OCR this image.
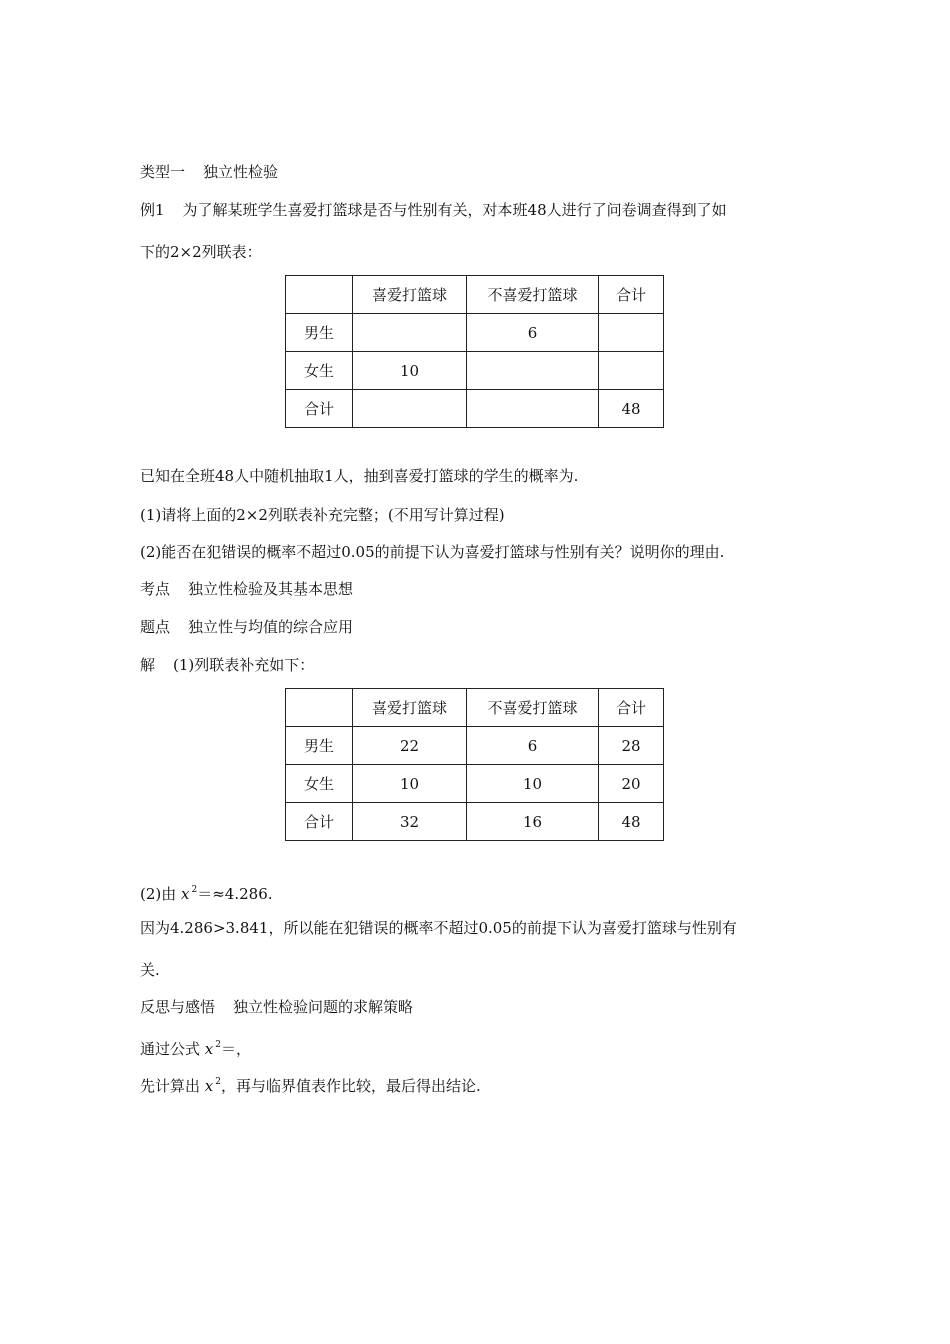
类型一 独立性检验
例1 为了解某班学生喜爱打篮球是否与性别有关，对本班48人进行了问卷调查得到了如
下的2×2列联表：
	喜爱打篮球	不喜爱打篮球	合计
男生		6	
女生	10		
合计			48
已知在全班48人中随机抽取1人，抽到喜爱打篮球的学生的概率为.
(1)请将上面的2×2列联表补充完整；(不用写计算过程)
(2)能否在犯错误的概率不超过0.05的前提下认为喜爱打篮球与性别有关？说明你的理由.
考点 独立性检验及其基本思想
题点 独立性与均值的综合应用
解 (1)列联表补充如下：
	喜爱打篮球	不喜爱打篮球	合计
男生	22	6	28
女生	10	10	20
合计	32	16	48
(2)由 x $^2$＝≈4.286.
因为4.286>3.841，所以能在犯错误的概率不超过0.05的前提下认为喜爱打篮球与性别有
关.
反思与感悟 独立性检验问题的求解策略
通过公式 x $^2$＝，
先计算出 x $^2$，再与临界值表作比较，最后得出结论.
